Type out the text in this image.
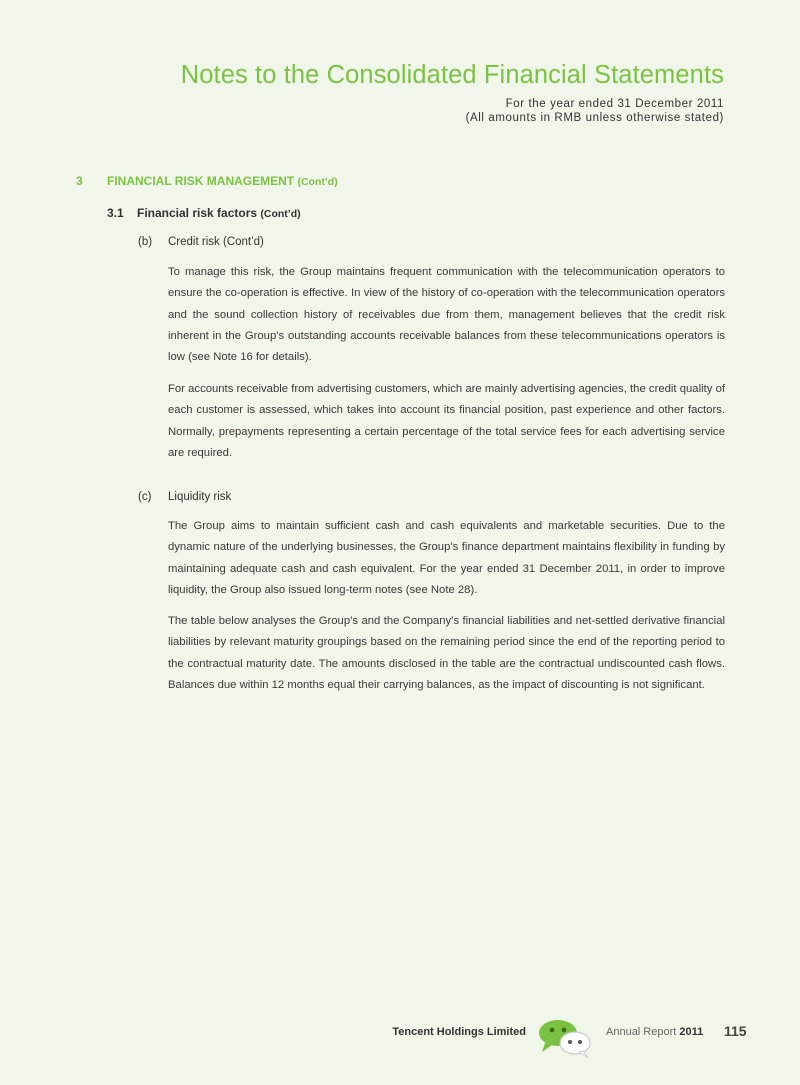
Notes to the Consolidated Financial Statements
For the year ended 31 December 2011
(All amounts in RMB unless otherwise stated)
3 FINANCIAL RISK MANAGEMENT (Cont’d)
3.1 Financial risk factors (Cont’d)
(b) Credit risk (Cont’d)

To manage this risk, the Group maintains frequent communication with the telecommunication operators to ensure the co-operation is effective. In view of the history of co-operation with the telecommunication operators and the sound collection history of receivables due from them, management believes that the credit risk inherent in the Group’s outstanding accounts receivable balances from these telecommunications operators is low (see Note 16 for details).

For accounts receivable from advertising customers, which are mainly advertising agencies, the credit quality of each customer is assessed, which takes into account its financial position, past experience and other factors. Normally, prepayments representing a certain percentage of the total service fees for each advertising service are required.

(c) Liquidity risk

The Group aims to maintain sufficient cash and cash equivalents and marketable securities. Due to the dynamic nature of the underlying businesses, the Group’s finance department maintains flexibility in funding by maintaining adequate cash and cash equivalent. For the year ended 31 December 2011, in order to improve liquidity, the Group also issued long-term notes (see Note 28).

The table below analyses the Group’s and the Company’s financial liabilities and net-settled derivative financial liabilities by relevant maturity groupings based on the remaining period since the end of the reporting period to the contractual maturity date. The amounts disclosed in the table are the contractual undiscounted cash flows. Balances due within 12 months equal their carrying balances, as the impact of discounting is not significant.

Tencent Holdings Limited	Annual Report 2011 115
